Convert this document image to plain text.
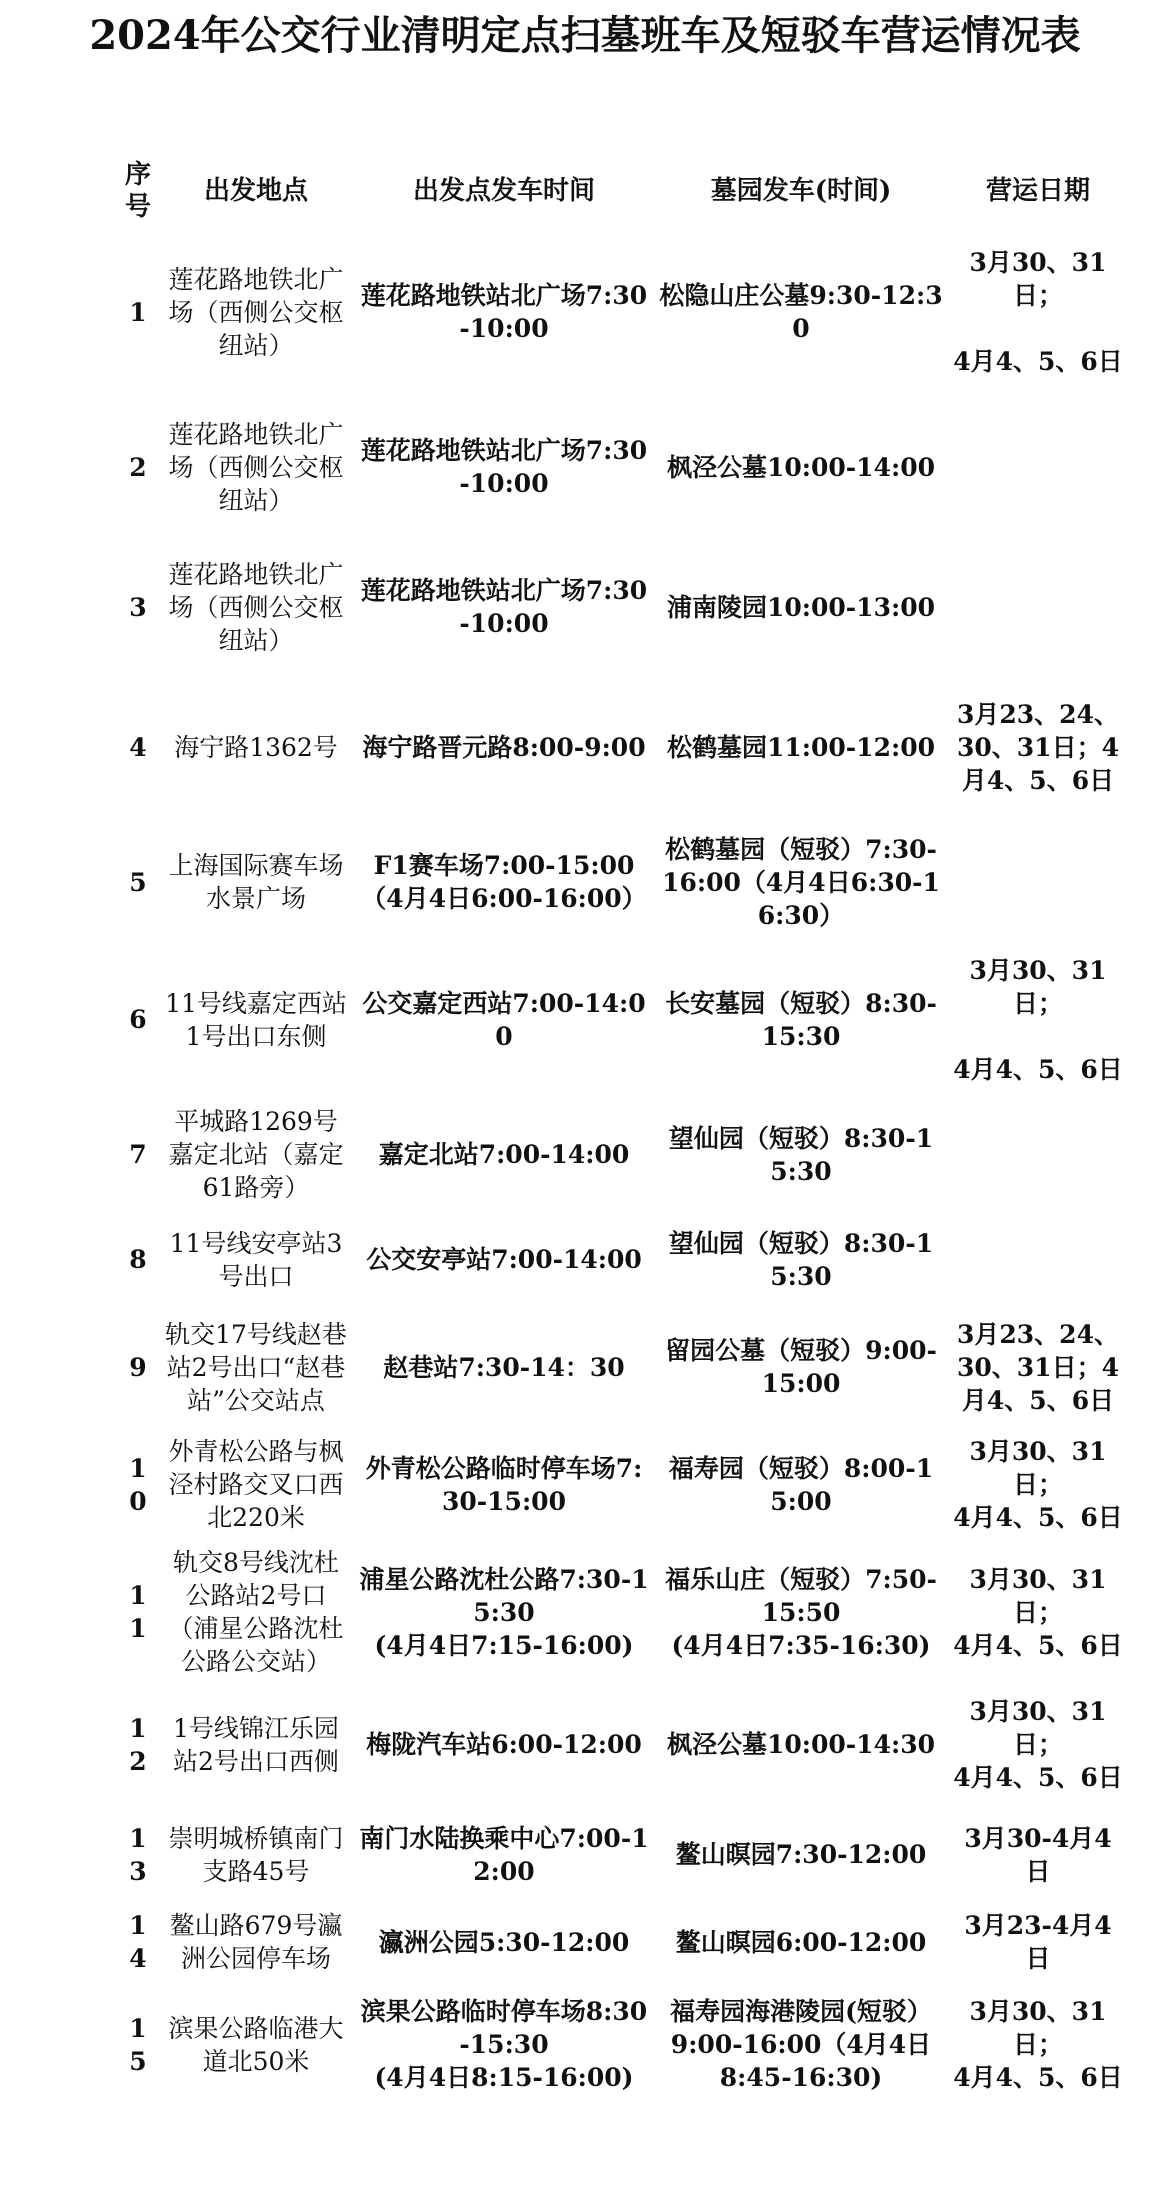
2024年公交行业清明定点扫墓班车及短驳车营运情况表
序号	出发地点	出发点发车时间	墓园发车(时间)	营运日期
1	莲花路地铁北广场（西侧公交枢纽站）	莲花路地铁站北广场7:30-10:00	松隐山庄公墓9:30-12:30	3月30、31日；

4月4、5、6日
2	莲花路地铁北广场（西侧公交枢纽站）	莲花路地铁站北广场7:30-10:00	枫泾公墓10:00-14:00	
3	莲花路地铁北广场（西侧公交枢纽站）	莲花路地铁站北广场7:30-10:00	浦南陵园10:00-13:00	
4	海宁路1362号	海宁路晋元路8:00-9:00	松鹤墓园11:00-12:00	3月23、24、30、31日；4月4、5、6日
5	上海国际赛车场水景广场	F1赛车场7:00-15:00（4月4日6:00-16:00）	松鹤墓园（短驳）7:30-16:00（4月4日6:30-16:30）	
6	11号线嘉定西站1号出口东侧	公交嘉定西站7:00-14:00	长安墓园（短驳）8:30-15:30	3月30、31日；

4月4、5、6日
7	平城路1269号嘉定北站（嘉定61路旁）	嘉定北站7:00-14:00	望仙园（短驳）8:30-15:30	
8	11号线安亭站3号出口	公交安亭站7:00-14:00	望仙园（短驳）8:30-15:30	
9	轨交17号线赵巷站2号出口“赵巷站”公交站点	赵巷站7:30-14：30	留园公墓（短驳）9:00-15:00	3月23、24、30、31日；4月4、5、6日
10	外青松公路与枫泾村路交叉口西北220米	外青松公路临时停车场7:30-15:00	福寿园（短驳）8:00-15:00	3月30、31日；
4月4、5、6日
11	轨交8号线沈杜公路站2号口（浦星公路沈杜公路公交站）	浦星公路沈杜公路7:30-15:30
(4月4日7:15-16:00)	福乐山庄（短驳）7:50-15:50
(4月4日7:35-16:30)	3月30、31日；
4月4、5、6日
12	1号线锦江乐园站2号出口西侧	梅陇汽车站6:00-12:00	枫泾公墓10:00-14:30	3月30、31日；
4月4、5、6日
13	崇明城桥镇南门支路45号	南门水陆换乘中心7:00-12:00	鳌山暝园7:30-12:00	3月30-4月4日
14	鳌山路679号瀛洲公园停车场	瀛洲公园5:30-12:00	鳌山暝园6:00-12:00	3月23-4月4日
15	滨果公路临港大道北50米	滨果公路临时停车场8:30-15:30
(4月4日8:15-16:00)	福寿园海港陵园(短驳）9:00-16:00（4月4日8:45-16:30)	3月30、31日；
4月4、5、6日
